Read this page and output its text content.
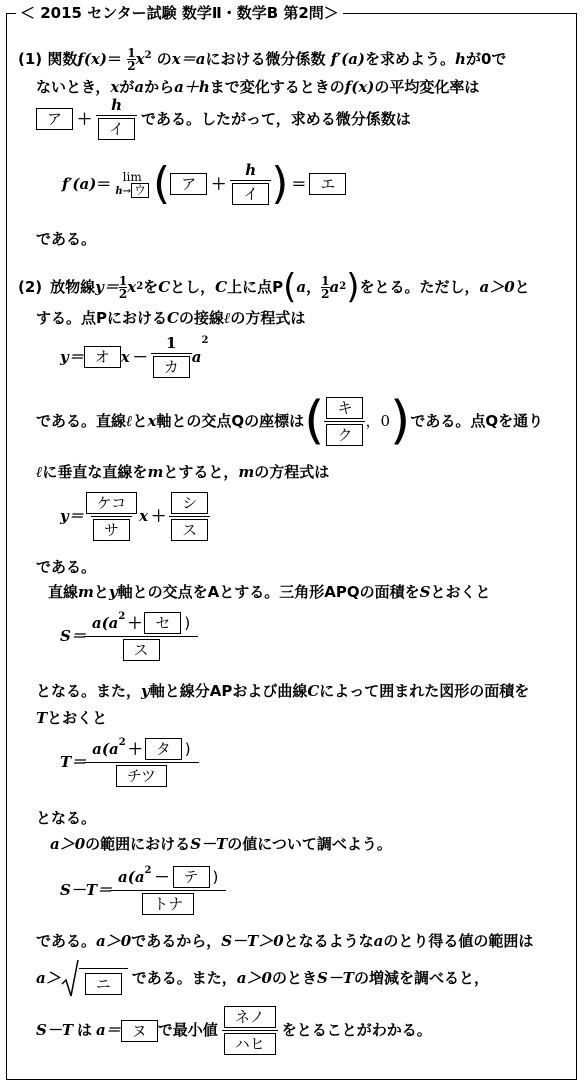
＜ 2015 センター試験 数学Ⅱ・数学B 第2問＞
(1) 関数$f(x)= \frac{1}{2} x^2$ のx＝aにおける微分係数 f′(a)を求めよう。hが0で
ないとき，xがaからa＋hまで変化するときのf(x)の平均変化率は
ア	＋ $\frac{h}{\text{イ}}$ である。したがって，求める微分係数は
f′(a) ＝ lim
h→ ウ ( ア	＋ $\frac{h}{\text{イ}}$ ) ＝ エ
である。
(2) 放物線 y＝ 1
2 x 2 を C とし， C 上に点 P ( a ， 1
2 a 2 ) をとる。ただし， a＞0 と
する。点PにおけるCの接線ℓの方程式は
y＝ オ $x - \frac{1}{\text{カ}}$ a
2
である。直線 ℓ と x 軸との交点Qの座標は ( $\frac{\text{キ}}{\text{ク}}$ ，0 ) である。点Qを通り
ℓに垂直な直線をmとすると，mの方程式は
$y= \frac{\text{ケコ}}{\text{サ}}$ $x + \frac{\text{シ}}{\text{ス}}$
である。
直線mとy軸との交点をAとする。三角形APQの面積をSとおくと
$S= \frac{a(a^2 + セ )}{\text{ス}}$
となる。また，y軸と線分APおよび曲線Cによって囲まれた図形の面積を
Tとおくと
$T= \frac{a(a^2 + タ )}{\text{チツ}}$
となる。
a＞0の範囲におけるS－Tの値について調べよう。
$S-T= \frac{a(a^2 - テ )}{\text{トナ}}$
である。a＞0であるから，S－T＞0となるようなaのとり得る値の範囲は
a＞	ニ	である。また， a＞0 のとき S－T の増減を調べると，
S－T は a＝ ヌ で最小値 $\frac{\text{ネノ}}{\text{ハヒ}}$ をとることがわかる。
